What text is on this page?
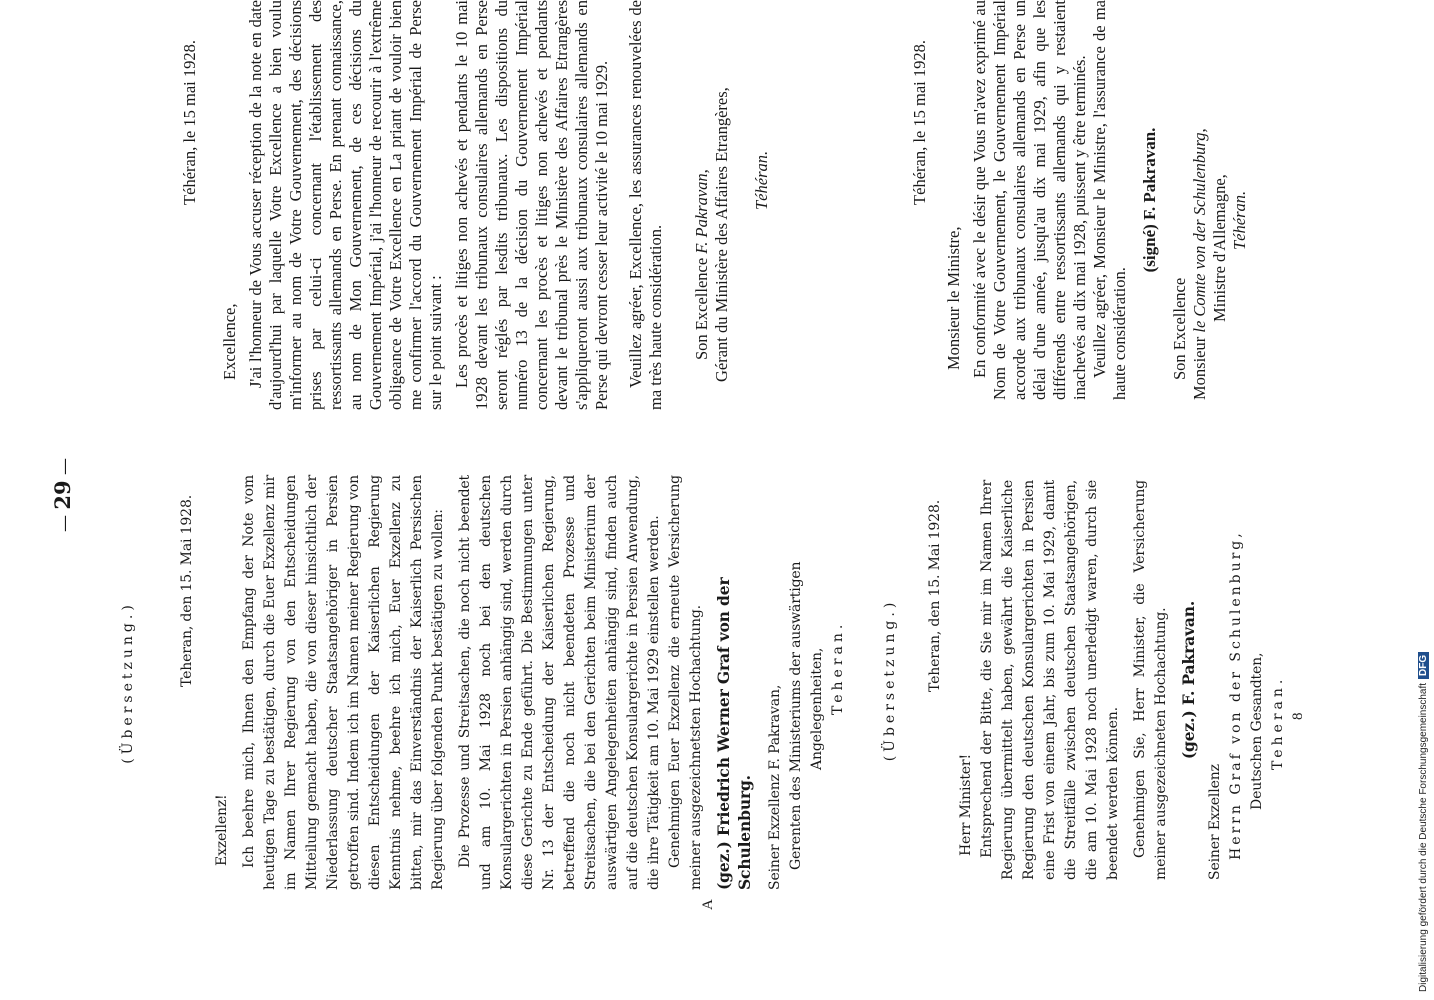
— 29 —
Téhéran, le 15 mai 1928.
Excellence, J'ai l'honneur de Vous accuser réception de la note en date d'aujourd'hui par laquelle Votre Excellence a bien voulu m'informer au nom de Votre Gouvernement, des décisions prises par celui-ci concernant l'établissement des ressortissants allemands en Perse. En prenant connaissance, au nom de Mon Gouvernement, de ces décisions du Gouvernement Impérial, j'ai l'honneur de recourir à l'extrême obligeance de Votre Excellence en La priant de vouloir bien me confirmer l'accord du Gouvernement Impérial de Perse sur le point suivant : Les procès et litiges non achevés et pendants le 10 mai 1928 devant les tribunaux consulaires allemands en Perse seront réglés par lesdits tribunaux. Les dispositions du numéro 13 de la décision du Gouvernement Impérial concernant les procès et litiges non achevés et pendants devant le tribunal près le Ministère des Affaires Etrangères s'appliqueront aussi aux tribunaux consulaires allemands en Perse qui devront cesser leur activité le 10 mai 1929. Veuillez agréer, Excellence, les assurances renouvelées de ma très haute considération. Son Excellence F. Pakravan, Gérant du Ministère des Affaires Etrangères, Téhéran.
(Übersetzung.)	Teheran, den 15. Mai 1928.
Exzellenz! Ich beehre mich, Ihnen den Empfang der Note vom heutigen Tage zu bestätigen, durch die Euer Exzellenz mir im Namen Ihrer Regierung von den Entscheidungen Mitteilung gemacht haben, die von dieser hinsichtlich der Niederlassung deutscher Staatsangehöriger in Persien getroffen sind. Indem ich im Namen meiner Regierung von diesen Entscheidungen der Kaiserlichen Regierung Kenntnis nehme, beehre ich mich, Euer Exzellenz zu bitten, mir das Einverständnis der Kaiserlich Persischen Regierung über folgenden Punkt bestätigen zu wollen: Die Prozesse und Streitsachen, die noch nicht beendet und am 10. Mai 1928 noch bei den deutschen Konsulargerichten in Persien anhängig sind, werden durch diese Gerichte zu Ende geführt. Die Bestimmungen unter Nr. 13 der Entscheidung der Kaiserlichen Regierung, betreffend die noch nicht beendeten Prozesse und Streitsachen, die bei den Gerichten beim Ministerium der auswärtigen Angelegenheiten anhängig sind, finden auch auf die deutschen Konsulargerichte in Persien Anwendung, die ihre Tätigkeit am 10. Mai 1929 einstellen werden. Genehmigen Euer Exzellenz die erneute Versicherung meiner ausgezeichnetsten Hochachtung. (gez.) Friedrich Werner Graf von der Schulenburg. Seiner Exzellenz F. Pakravan, Gerenten des Ministeriums der auswärtigen Angelegenheiten, Teheran.
A
Téhéran, le 15 mai 1928.
Monsieur le Ministre, En conformité avec le désir que Vous m'avez exprimé au Nom de Votre Gouvernement, le Gouvernement Impérial accorde aux tribunaux consulaires allemands en Perse un délai d'une année, jusqu'au dix mai 1929, afin que les différends entre ressortissants allemands qui y restaient inachevés au dix mai 1928, puissent y être terminés. Veuillez agréer, Monsieur le Ministre, l'assurance de ma haute considération.

(signé) F. Pakravan.
Son Excellence Monsieur le Comte von der Schulenburg, Ministre d'Allemagne, Téhéran.
(Übersetzung.) Teheran, den 15. Mai 1928.
Herr Minister! Entsprechend der Bitte, die Sie mir im Namen Ihrer Regierung übermittelt haben, gewährt die Kaiserliche Regierung den deutschen Konsulargerichten in Persien eine Frist von einem Jahr, bis zum 10. Mai 1929, damit die Streitfälle zwischen deutschen Staatsangehörigen, die am 10. Mai 1928 noch unerledigt waren, durch sie beendet werden können. Genehmigen Sie, Herr Minister, die Versicherung meiner ausgezeichneten Hochachtung. (gez.) F. Pakravan.
Seiner Exzellenz Herrn Graf von der Schulenburg, Deutschen Gesandten, Teheran. 8	Digitalisierung gefördert durch die Deutsche ForschungsgemeinschaftDFG
